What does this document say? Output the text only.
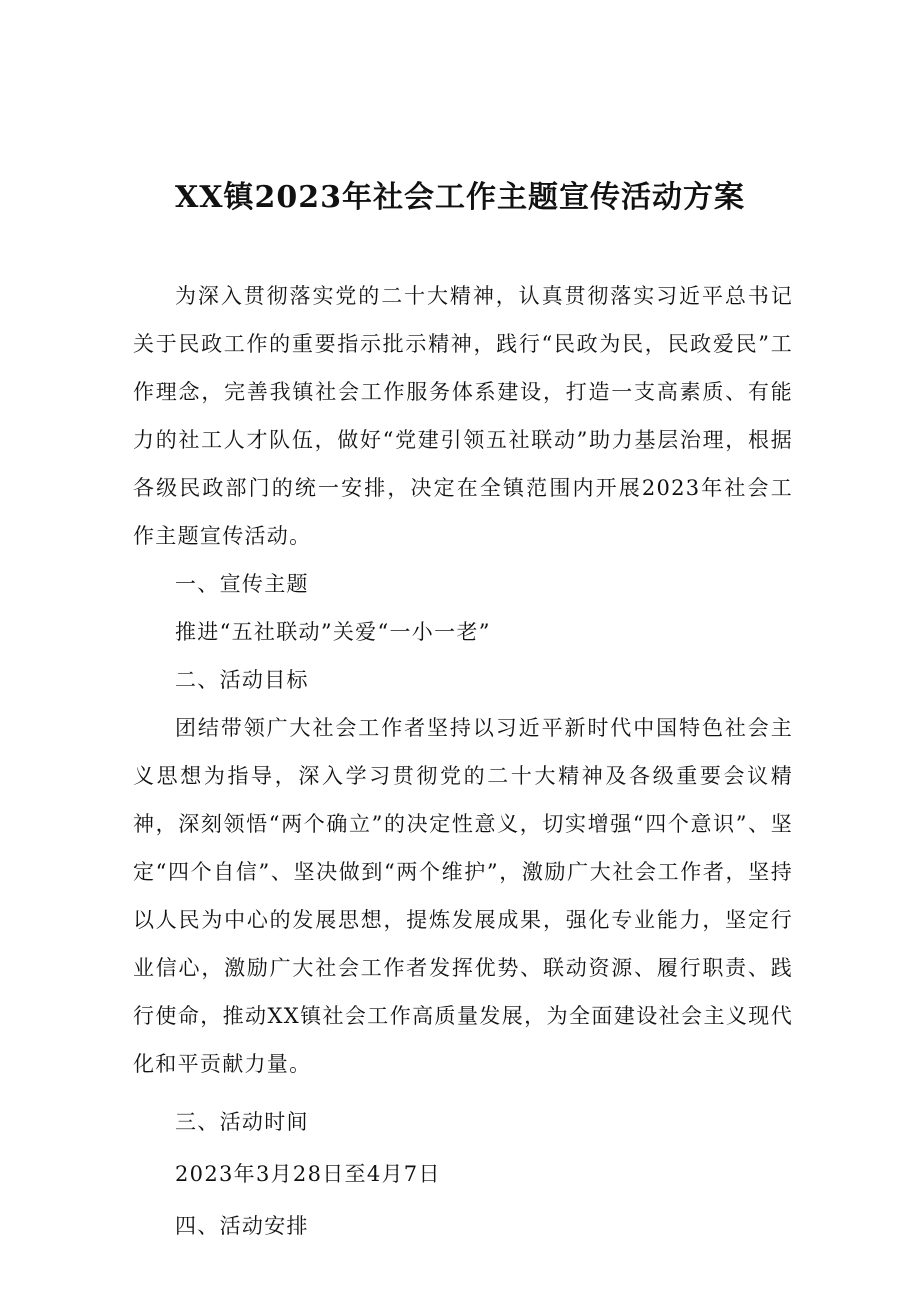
XX镇2023年社会工作主题宣传活动方案

为深入贯彻落实党的二十大精神，认真贯彻落实习近平总书记关于民政工作的重要指示批示精神，践行“民政为民，民政爱民”工作理念，完善我镇社会工作服务体系建设，打造一支高素质、有能力的社工人才队伍，做好“党建引领五社联动”助力基层治理，根据各级民政部门的统一安排，决定在全镇范围内开展2023年社会工作主题宣传活动。

一、宣传主题

推进“五社联动”关爱“一小一老”

二、活动目标

团结带领广大社会工作者坚持以习近平新时代中国特色社会主义思想为指导，深入学习贯彻党的二十大精神及各级重要会议精神，深刻领悟“两个确立”的决定性意义，切实增强“四个意识”、坚定“四个自信”、坚决做到“两个维护”，激励广大社会工作者，坚持以人民为中心的发展思想，提炼发展成果，强化专业能力，坚定行业信心，激励广大社会工作者发挥优势、联动资源、履行职责、践行使命，推动XX镇社会工作高质量发展，为全面建设社会主义现代化和平贡献力量。

三、活动时间

2023年3月28日至4月7日

四、活动安排
